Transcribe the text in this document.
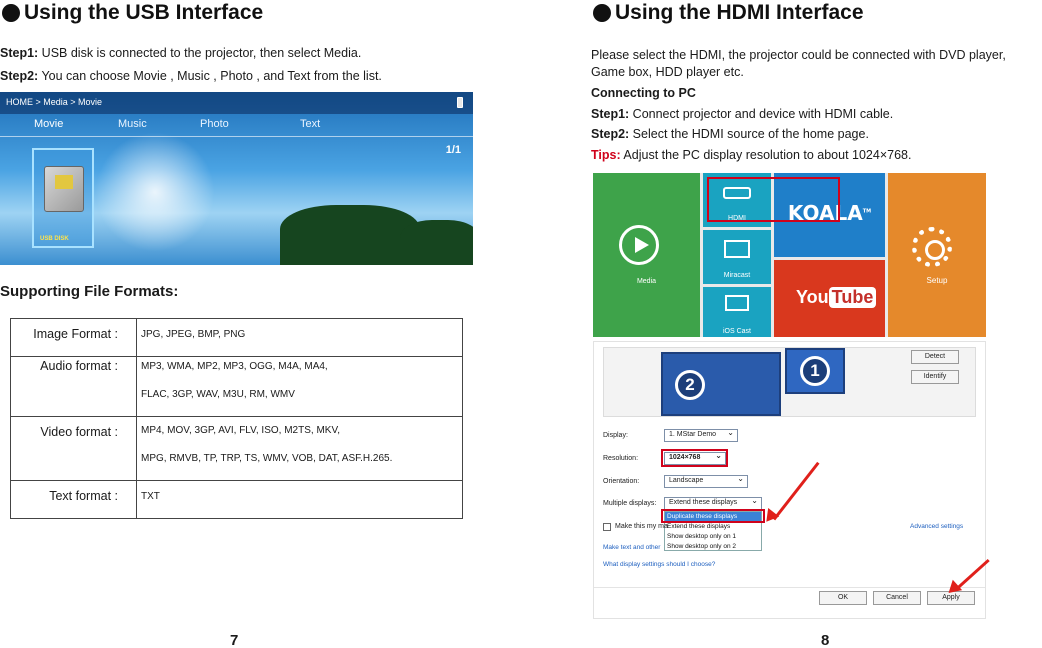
Using the USB Interface
Step1: USB disk is connected to the projector, then select Media.
Step2: You can choose Movie , Music , Photo , and Text from the list.
HOME > Media > Movie
Movie	Music	Photo	Text
1/1
USB DISK
Supporting File Formats:
Image Format :	JPG, JPEG, BMP, PNG

Audio format :	MP3, WMA, MP2, MP3, OGG, M4A, MA4,
FLAC, 3GP, WAV, M3U, RM, WMV

Video format :	MP4, MOV, 3GP, AVI, FLV, ISO, M2TS, MKV,
MPG, RMVB, TP, TRP, TS, WMV, VOB, DAT, ASF.H.265.

Text format :	TXT
7
Using the HDMI Interface
Please select the HDMI, the projector could be connected with DVD player,
Game box, HDD player etc.
Connecting to PC
Step1: Connect projector and device with HDMI cable.
Step2: Select the HDMI source of the home page.
Tips: Adjust the PC display resolution to about 1024×768.
Media
HDMI
Miracast
iOS Cast
KOALA™
You Tube
Setup
2
1
Detect
Identify
Display:	1. MStar Demo ⌄
Resolution:	1024×768 ⌄
Orientation:	Landscape ⌄
Multiple displays:	Extend these displays ⌄
Duplicate these displays
Extend these displays
Show desktop only on 1
Show desktop only on 2
Make this my ma	Advanced settings
Make text and other
What display settings should I choose?
OK	Cancel	Apply
8
